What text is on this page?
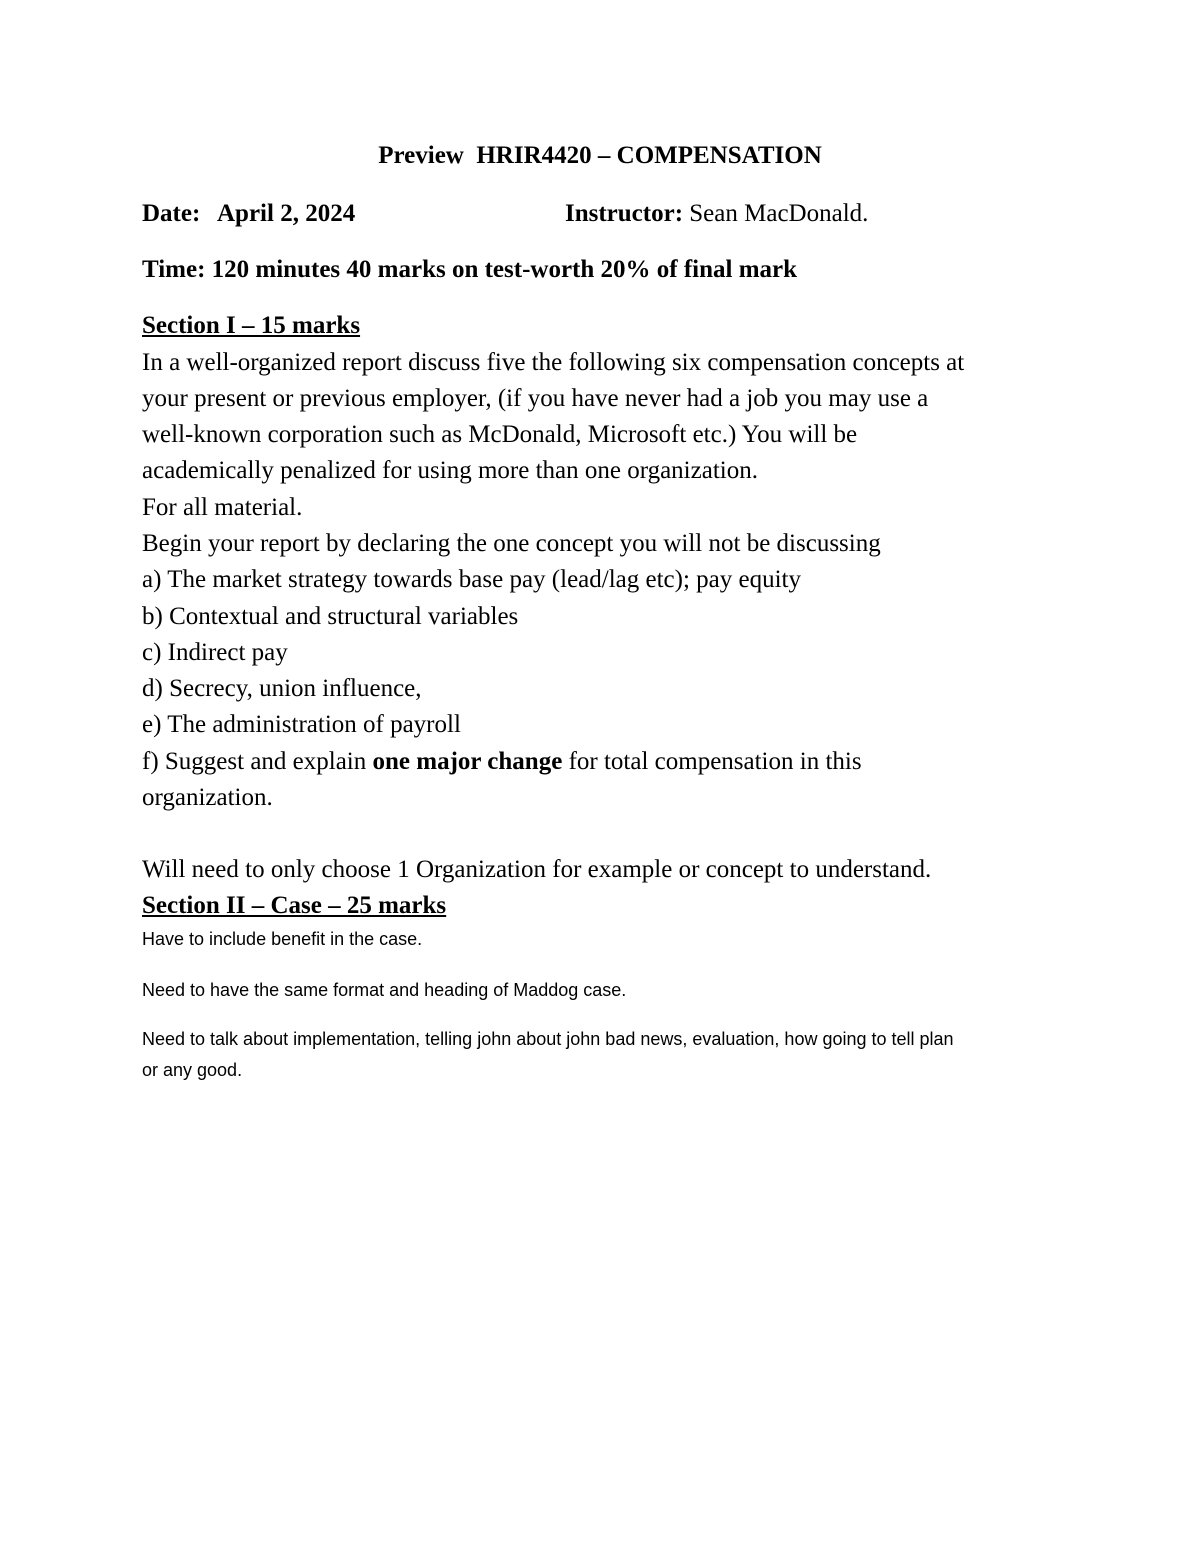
Preview  HRIR4420 – COMPENSATION
Date: April 2, 2024	Instructor: Sean MacDonald.
Time: 120 minutes 40 marks on test-worth 20% of final mark
Section I – 15 marks
In a well-organized report discuss five the following six compensation concepts at
your present or previous employer, (if you have never had a job you may use a
well-known corporation such as McDonald, Microsoft etc.) You will be
academically penalized for using more than one organization.
For all material.
Begin your report by declaring the one concept you will not be discussing
a) The market strategy towards base pay (lead/lag etc); pay equity
b) Contextual and structural variables
c) Indirect pay
d) Secrecy, union influence,
e) The administration of payroll
f) Suggest and explain one major change for total compensation in this
organization.
Will need to only choose 1 Organization for example or concept to understand.
Section II – Case – 25 marks
Have to include benefit in the case.
Need to have the same format and heading of Maddog case.
Need to talk about implementation, telling john about john bad news, evaluation, how going to tell plan
or any good.
